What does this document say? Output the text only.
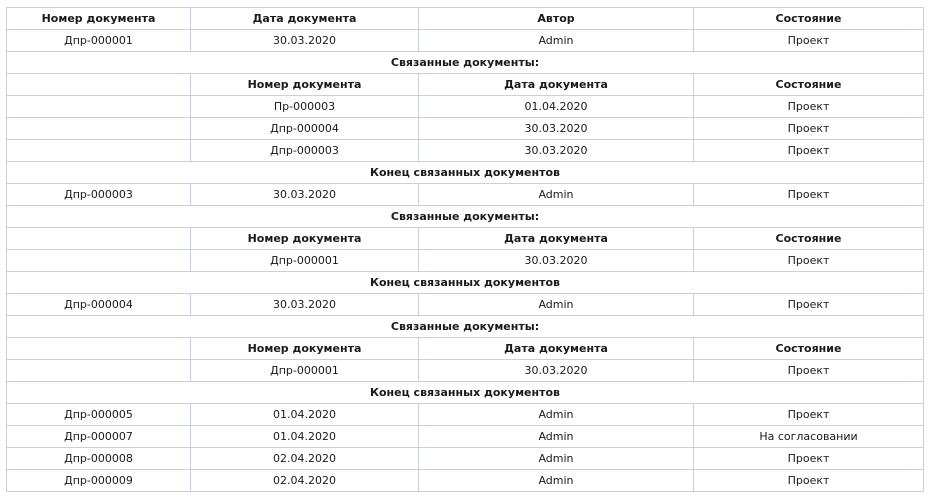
Номер документа	Дата документа	Автор	Состояние
Дпр-000001	30.03.2020	Admin	Проект
Связанные документы:			
	Номер документа	Дата документа	Состояние
	Пр-000003	01.04.2020	Проект
	Дпр-000004	30.03.2020	Проект
	Дпр-000003	30.03.2020	Проект
Конец связанных документов			
Дпр-000003	30.03.2020	Admin	Проект
Связанные документы:			
	Номер документа	Дата документа	Состояние
	Дпр-000001	30.03.2020	Проект
Конец связанных документов			
Дпр-000004	30.03.2020	Admin	Проект
Связанные документы:			
	Номер документа	Дата документа	Состояние
	Дпр-000001	30.03.2020	Проект
Конец связанных документов			
Дпр-000005	01.04.2020	Admin	Проект
Дпр-000007	01.04.2020	Admin	На согласовании
Дпр-000008	02.04.2020	Admin	Проект
Дпр-000009	02.04.2020	Admin	Проект
